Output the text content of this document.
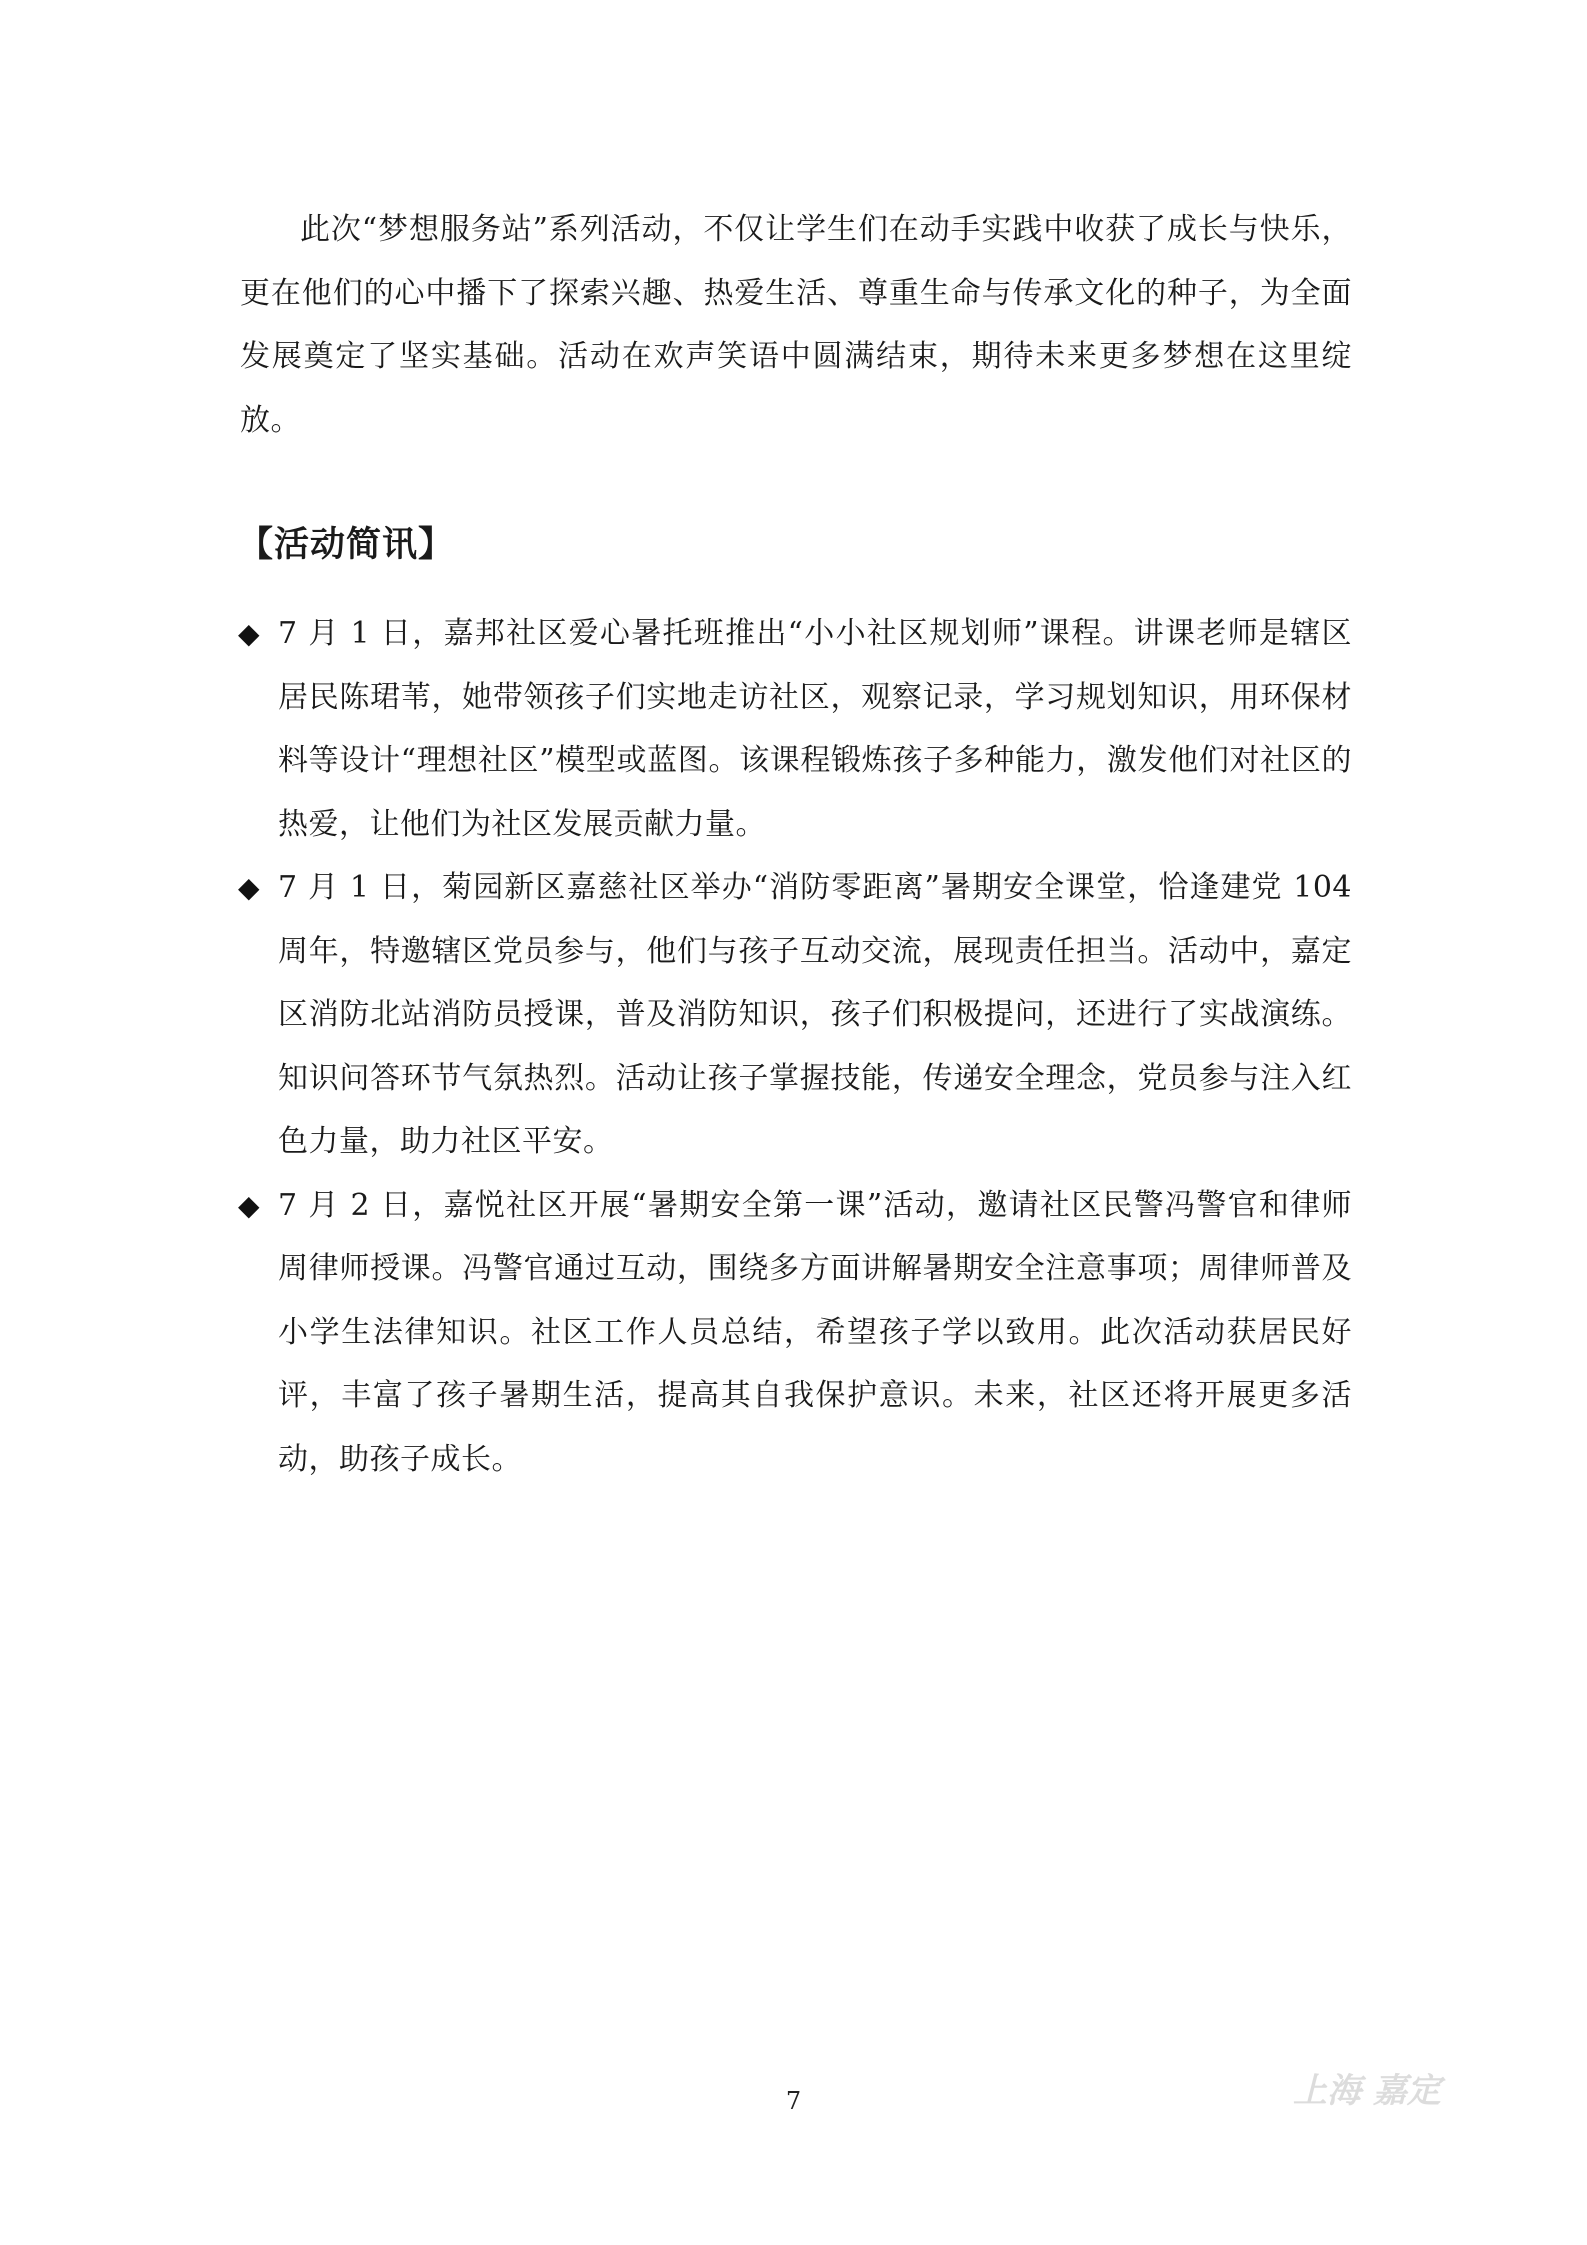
此次“梦想服务站”系列活动，不仅让学生们在动手实践中收获了成长与快乐，更在他们的心中播下了探索兴趣、热爱生活、尊重生命与传承文化的种子，为全面发展奠定了坚实基础。活动在欢声笑语中圆满结束，期待未来更多梦想在这里绽放。

【活动简讯】
◆ 7 月 1 日，嘉邦社区爱心暑托班推出“小小社区规划师”课程。讲课老师是辖区居民陈珺苇，她带领孩子们实地走访社区，观察记录，学习规划知识，用环保材料等设计“理想社区”模型或蓝图。该课程锻炼孩子多种能力，激发他们对社区的热爱，让他们为社区发展贡献力量。

◆ 7 月 1 日，菊园新区嘉慈社区举办“消防零距离”暑期安全课堂，恰逢建党 104 周年，特邀辖区党员参与，他们与孩子互动交流，展现责任担当。活动中，嘉定区消防北站消防员授课，普及消防知识，孩子们积极提问，还进行了实战演练。知识问答环节气氛热烈。活动让孩子掌握技能，传递安全理念，党员参与注入红色力量，助力社区平安。

◆ 7 月 2 日，嘉悦社区开展“暑期安全第一课”活动，邀请社区民警冯警官和律师周律师授课。冯警官通过互动，围绕多方面讲解暑期安全注意事项；周律师普及小学生法律知识。社区工作人员总结，希望孩子学以致用。此次活动获居民好评，丰富了孩子暑期生活，提高其自我保护意识。未来，社区还将开展更多活动，助孩子成长。

7	上海 嘉定
